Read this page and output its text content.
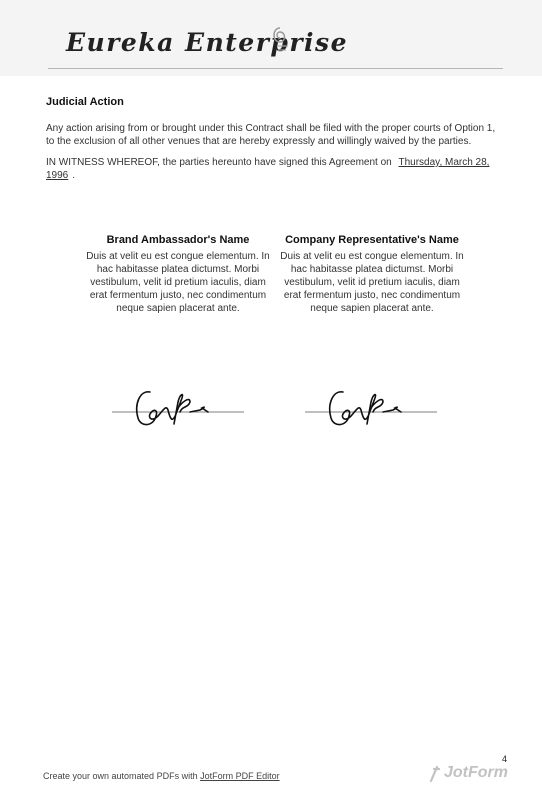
Eureka Enterprise
Judicial Action

Any action arising from or brought under this Contract shall be filed with the proper courts of Option 1, to the exclusion of all other venues that are hereby expressly and willingly waived by the parties.

IN WITNESS WHEREOF, the parties hereunto have signed this Agreement on Thursday, March 28, 1996 .

Brand Ambassador's Name
Duis at velit eu est congue elementum. In hac habitasse platea dictumst. Morbi vestibulum, velit id pretium iaculis, diam erat fermentum justo, nec condimentum neque sapien placerat ante.
Company Representative's Name
Duis at velit eu est congue elementum. In hac habitasse platea dictumst. Morbi vestibulum, velit id pretium iaculis, diam erat fermentum justo, nec condimentum neque sapien placerat ante.
4
Create your own automated PDFs with JotForm PDF Editor	JotForm
